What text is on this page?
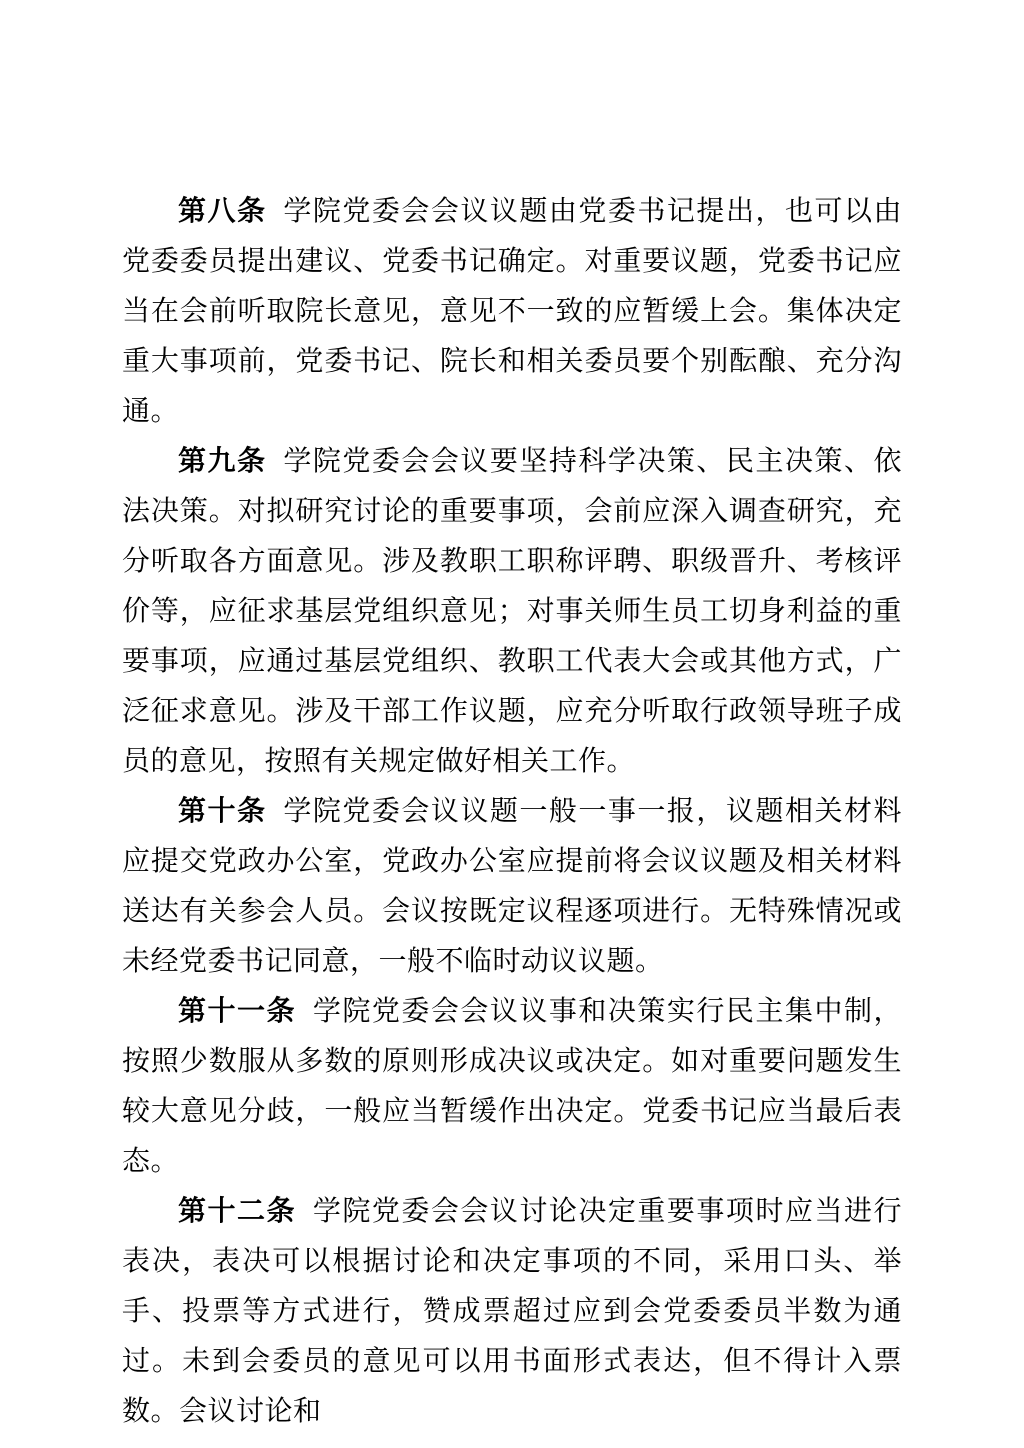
第八条 学院党委会会议议题由党委书记提出，也可以由党委委员提出建议、党委书记确定。对重要议题，党委书记应当在会前听取院长意见，意见不一致的应暂缓上会。集体决定重大事项前，党委书记、院长和相关委员要个别酝酿、充分沟通。

第九条 学院党委会会议要坚持科学决策、民主决策、依法决策。对拟研究讨论的重要事项，会前应深入调查研究，充分听取各方面意见。涉及教职工职称评聘、职级晋升、考核评价等，应征求基层党组织意见；对事关师生员工切身利益的重要事项，应通过基层党组织、教职工代表大会或其他方式，广泛征求意见。涉及干部工作议题，应充分听取行政领导班子成员的意见，按照有关规定做好相关工作。

第十条 学院党委会议议题一般一事一报，议题相关材料应提交党政办公室，党政办公室应提前将会议议题及相关材料送达有关参会人员。会议按既定议程逐项进行。无特殊情况或未经党委书记同意，一般不临时动议议题。

第十一条 学院党委会会议议事和决策实行民主集中制，按照少数服从多数的原则形成决议或决定。如对重要问题发生较大意见分歧，一般应当暂缓作出决定。党委书记应当最后表态。

第十二条 学院党委会会议讨论决定重要事项时应当进行表决，表决可以根据讨论和决定事项的不同，采用口头、举手、投票等方式进行，赞成票超过应到会党委委员半数为通过。未到会委员的意见可以用书面形式表达，但不得计入票数。会议讨论和
